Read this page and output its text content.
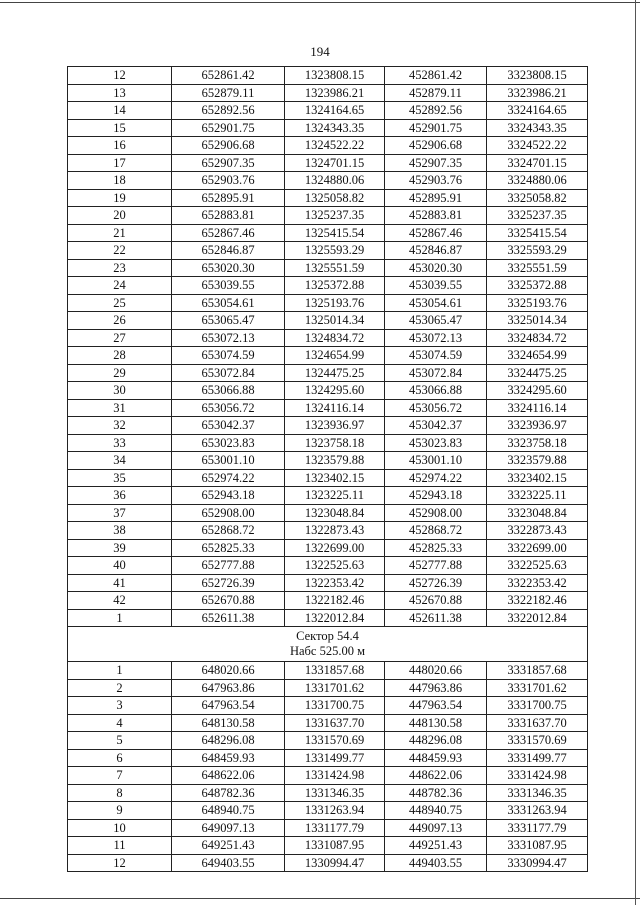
194
12	652861.42	1323808.15	452861.42	3323808.15
13	652879.11	1323986.21	452879.11	3323986.21
14	652892.56	1324164.65	452892.56	3324164.65
15	652901.75	1324343.35	452901.75	3324343.35
16	652906.68	1324522.22	452906.68	3324522.22
17	652907.35	1324701.15	452907.35	3324701.15
18	652903.76	1324880.06	452903.76	3324880.06
19	652895.91	1325058.82	452895.91	3325058.82
20	652883.81	1325237.35	452883.81	3325237.35
21	652867.46	1325415.54	452867.46	3325415.54
22	652846.87	1325593.29	452846.87	3325593.29
23	653020.30	1325551.59	453020.30	3325551.59
24	653039.55	1325372.88	453039.55	3325372.88
25	653054.61	1325193.76	453054.61	3325193.76
26	653065.47	1325014.34	453065.47	3325014.34
27	653072.13	1324834.72	453072.13	3324834.72
28	653074.59	1324654.99	453074.59	3324654.99
29	653072.84	1324475.25	453072.84	3324475.25
30	653066.88	1324295.60	453066.88	3324295.60
31	653056.72	1324116.14	453056.72	3324116.14
32	653042.37	1323936.97	453042.37	3323936.97
33	653023.83	1323758.18	453023.83	3323758.18
34	653001.10	1323579.88	453001.10	3323579.88
35	652974.22	1323402.15	452974.22	3323402.15
36	652943.18	1323225.11	452943.18	3323225.11
37	652908.00	1323048.84	452908.00	3323048.84
38	652868.72	1322873.43	452868.72	3322873.43
39	652825.33	1322699.00	452825.33	3322699.00
40	652777.88	1322525.63	452777.88	3322525.63
41	652726.39	1322353.42	452726.39	3322353.42
42	652670.88	1322182.46	452670.88	3322182.46
1	652611.38	1322012.84	452611.38	3322012.84

Сектор 54.4
Набс 525.00 м				

1	648020.66	1331857.68	448020.66	3331857.68
2	647963.86	1331701.62	447963.86	3331701.62
3	647963.54	1331700.75	447963.54	3331700.75
4	648130.58	1331637.70	448130.58	3331637.70
5	648296.08	1331570.69	448296.08	3331570.69
6	648459.93	1331499.77	448459.93	3331499.77
7	648622.06	1331424.98	448622.06	3331424.98
8	648782.36	1331346.35	448782.36	3331346.35
9	648940.75	1331263.94	448940.75	3331263.94
10	649097.13	1331177.79	449097.13	3331177.79
11	649251.43	1331087.95	449251.43	3331087.95
12	649403.55	1330994.47	449403.55	3330994.47
